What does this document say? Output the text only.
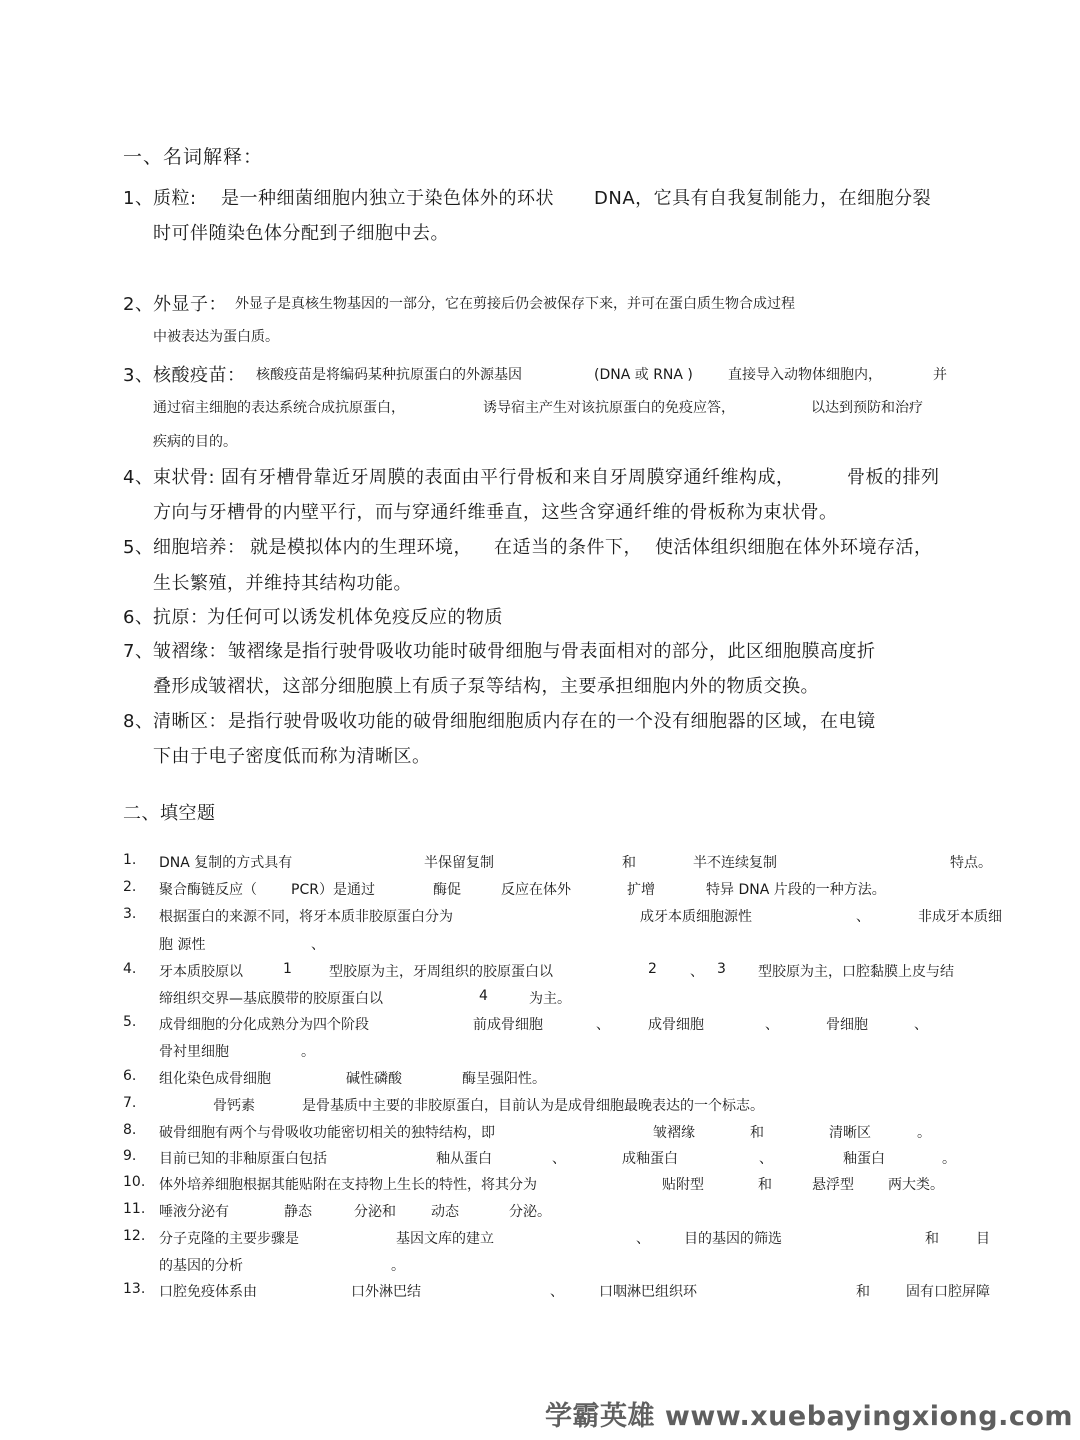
一、名词解释：
1、 质粒: 是一种细菌细胞内独立于染色体外的环状 DNA，它具有自我复制能力，在细胞分裂
时可伴随染色体分配到子细胞中去。
2、 外显子： 外显子是真核生物基因的一部分，它在剪接后仍会被保存下来，并可在蛋白质生物合成过程
中被表达为蛋白质。
3、 核酸疫苗： 核酸疫苗是将编码某种抗原蛋白的外源基因	(DNA 或 RNA )	直接导入动物体细胞内，	并
通过宿主细胞的表达系统合成抗原蛋白，	诱导宿主产生对该抗原蛋白的免疫应答，	以达到预防和治疗
疾病的目的。
4、 束状骨: 固有牙槽骨靠近牙周膜的表面由平行骨板和来自牙周膜穿通纤维构成，	骨板的排列
方向与牙槽骨的内壁平行，而与穿通纤维垂直，这些含穿通纤维的骨板称为束状骨。
5、 细胞培养： 就是模拟体内的生理环境， 在适当的条件下， 使活体组织细胞在体外环境存活，
生长繁殖，并维持其结构功能。
6、 抗原：
为任何可以诱发机体免疫反应的物质
7、 皱褶缘： 皱褶缘是指行驶骨吸收功能时破骨细胞与骨表面相对的部分，此区细胞膜高度折
叠形成皱褶状，这部分细胞膜上有质子泵等结构，主要承担细胞内外的物质交换。
8、 清晰区： 是指行驶骨吸收功能的破骨细胞细胞质内存在的一个没有细胞器的区域，在电镜
下由于电子密度低而称为清晰区。
二、填空题
1. DNA 复制的方式具有	半保留复制	和	半不连续复制	特点。
2. 聚合酶链反应（ PCR）是通过	酶促	反应在体外	扩增	特异 DNA 片段的一种方法。
3. 根据蛋白的来源不同，将牙本质非胶原蛋白分为	成牙本质细胞源性	、	非成牙本质细
胞 源性	、
4. 牙本质胶原以	1	型胶原为主，牙周组织的胶原蛋白以	2 、 3 型胶原为主，口腔黏膜上皮与结
缔组织交界—基底膜带的胶原蛋白以	4	为主。
5. 成骨细胞的分化成熟分为四个阶段	前成骨细胞	、	成骨细胞	、	骨细胞	、
骨衬里细胞	。
6. 组化染色成骨细胞	碱性磷酸	酶呈强阳性。
7.	骨钙素	是骨基质中主要的非胶原蛋白，目前认为是成骨细胞最晚表达的一个标志。
8. 破骨细胞有两个与骨吸收功能密切相关的独特结构，即	皱褶缘	和	清晰区	。
9. 目前已知的非釉原蛋白包括	釉从蛋白	、	成釉蛋白	、	釉蛋白	。
10. 体外培养细胞根据其能贴附在支持物上生长的特性，将其分为	贴附型	和	悬浮型 两大类。
11. 唾液分泌有	静态	分泌和	动态	分泌。
12. 分子克隆的主要步骤是	基因文库的建立	、 目的基因的筛选	和	目
的基因的分析	。
13. 口腔免疫体系由	口外淋巴结	、	口咽淋巴组织环	和	固有口腔屏障
学霸英雄 www.xuebayingxiong.com
